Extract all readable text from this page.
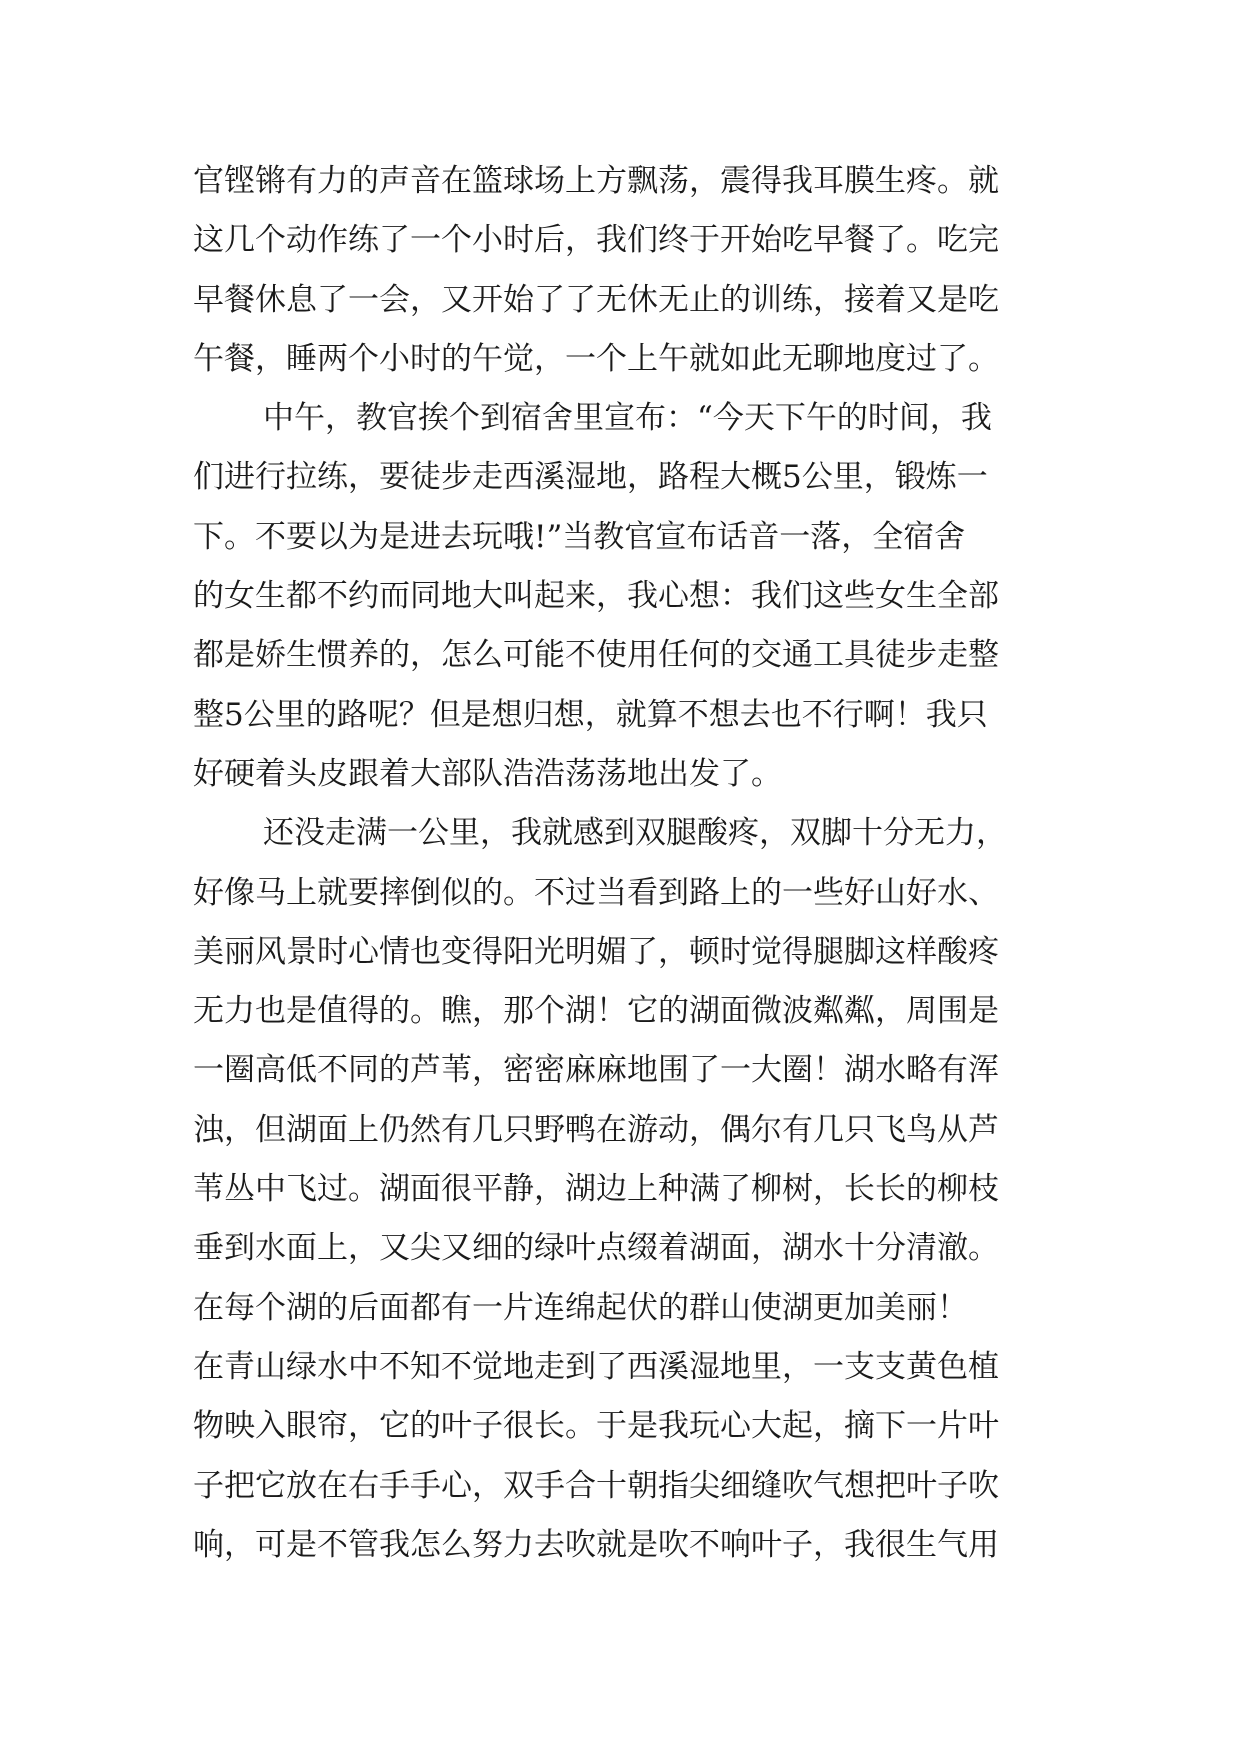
官铿锵有力的声音在篮球场上方飘荡，震得我耳膜生疼。就
这几个动作练了一个小时后，我们终于开始吃早餐了。吃完
早餐休息了一会，又开始了了无休无止的训练，接着又是吃
午餐，睡两个小时的午觉，一个上午就如此无聊地度过了。
中午，教官挨个到宿舍里宣布：“今天下午的时间，我
们进行拉练，要徒步走西溪湿地，路程大概5公里，锻炼一
下。不要以为是进去玩哦!”当教官宣布话音一落，全宿舍
的女生都不约而同地大叫起来，我心想：我们这些女生全部
都是娇生惯养的，怎么可能不使用任何的交通工具徒步走整
整5公里的路呢？但是想归想，就算不想去也不行啊！我只
好硬着头皮跟着大部队浩浩荡荡地出发了。
还没走满一公里，我就感到双腿酸疼，双脚十分无力，
好像马上就要摔倒似的。不过当看到路上的一些好山好水、
美丽风景时心情也变得阳光明媚了，顿时觉得腿脚这样酸疼
无力也是值得的。瞧，那个湖！它的湖面微波粼粼，周围是
一圈高低不同的芦苇，密密麻麻地围了一大圈！湖水略有浑
浊，但湖面上仍然有几只野鸭在游动，偶尔有几只飞鸟从芦
苇丛中飞过。湖面很平静，湖边上种满了柳树，长长的柳枝
垂到水面上，又尖又细的绿叶点缀着湖面，湖水十分清澈。
在每个湖的后面都有一片连绵起伏的群山使湖更加美丽！
在青山绿水中不知不觉地走到了西溪湿地里，一支支黄色植
物映入眼帘，它的叶子很长。于是我玩心大起，摘下一片叶
子把它放在右手手心，双手合十朝指尖细缝吹气想把叶子吹
响，可是不管我怎么努力去吹就是吹不响叶子，我很生气用
